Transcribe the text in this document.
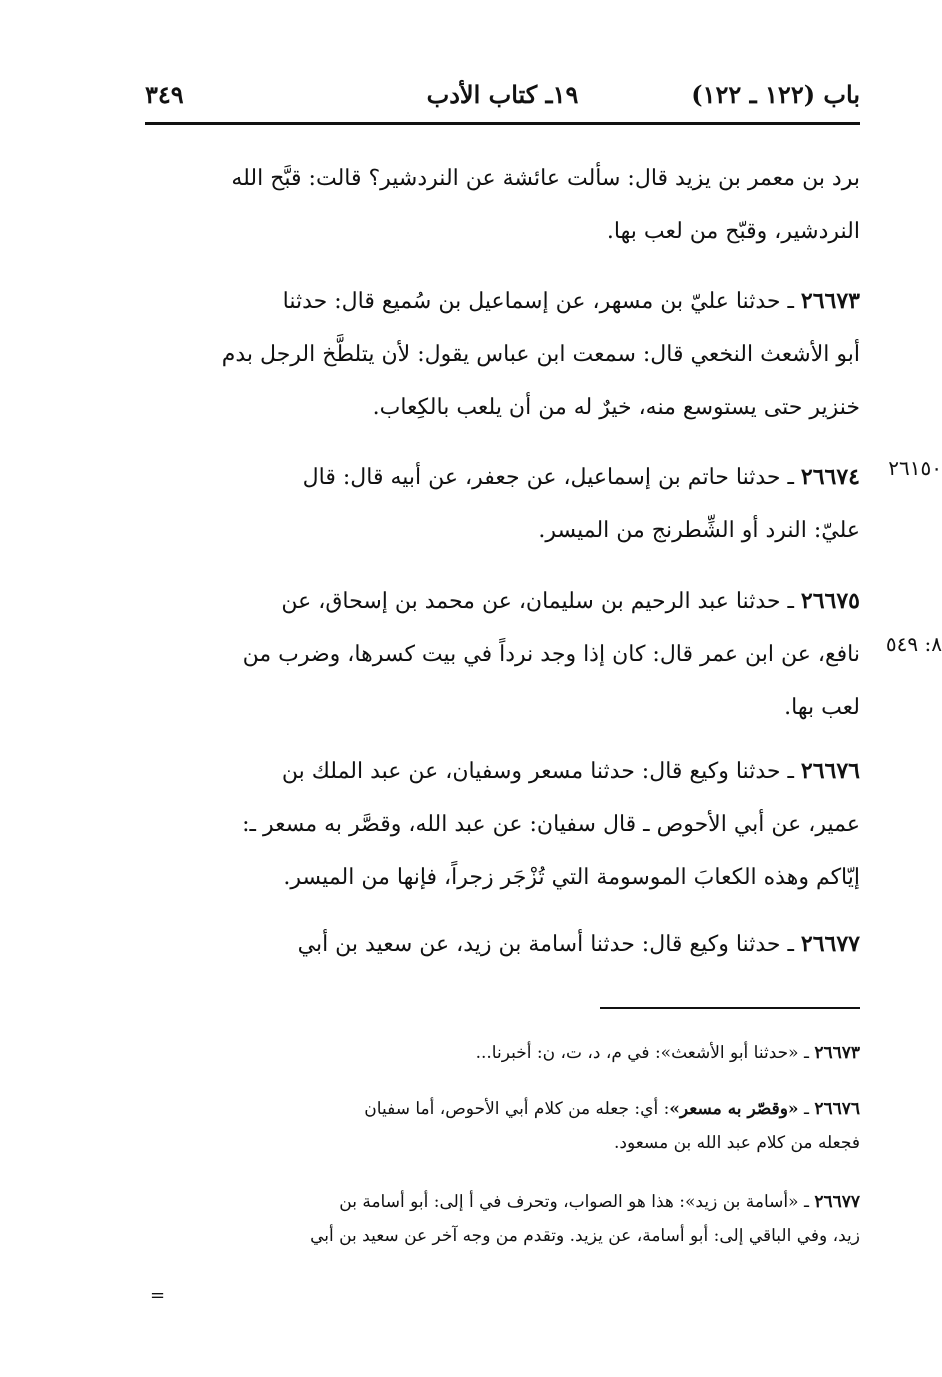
باب (١٢٢ ـ ١٢٢)
١٩ـ كتاب الأدب
٣٤٩

برد بن معمر بن يزيد قال: سألت عائشة عن النردشير؟ قالت: قبَّح الله

النردشير، وقبّح من لعب بها.

٢٦٦٧٣ ـ حدثنا عليّ بن مسهر، عن إسماعيل بن سُميع قال: حدثنا

أبو الأشعث النخعي قال: سمعت ابن عباس يقول: لأن يتلطَّخ الرجل بدم

خنزير حتى يستوسع منه، خيرٌ له من أن يلعب بالكِعاب.

٢٦١٥٠

٢٦٦٧٤ ـ حدثنا حاتم بن إسماعيل، عن جعفر، عن أبيه قال: قال

عليّ: النرد أو الشِّطرنج من الميسر.

٨: ٥٤٩

٢٦٦٧٥ ـ حدثنا عبد الرحيم بن سليمان، عن محمد بن إسحاق، عن

نافع، عن ابن عمر قال: كان إذا وجد نرداً في بيت كسرها، وضرب من

لعب بها.

٢٦٦٧٦ ـ حدثنا وكيع قال: حدثنا مسعر وسفيان، عن عبد الملك بن

عمير، عن أبي الأحوص ـ قال سفيان: عن عبد الله، وقصَّر به مسعر ـ:

إيّاكم وهذه الكعابَ الموسومة التي تُزْجَر زجراً، فإنها من الميسر.

٢٦٦٧٧ ـ حدثنا وكيع قال: حدثنا أسامة بن زيد، عن سعيد بن أبي

٢٦٦٧٣ ـ «حدثنا أبو الأشعث»: في م، د، ت، ن: أخبرنا...

٢٦٦٧٦ ـ «وقصّر به مسعر»: أي: جعله من كلام أبي الأحوص، أما سفيان

فجعله من كلام عبد الله بن مسعود.

٢٦٦٧٧ ـ «أسامة بن زيد»: هذا هو الصواب، وتحرف في أ إلى: أبو أسامة بن

زيد، وفي الباقي إلى: أبو أسامة، عن يزيد. وتقدم من وجه آخر عن سعيد بن أبي

=
